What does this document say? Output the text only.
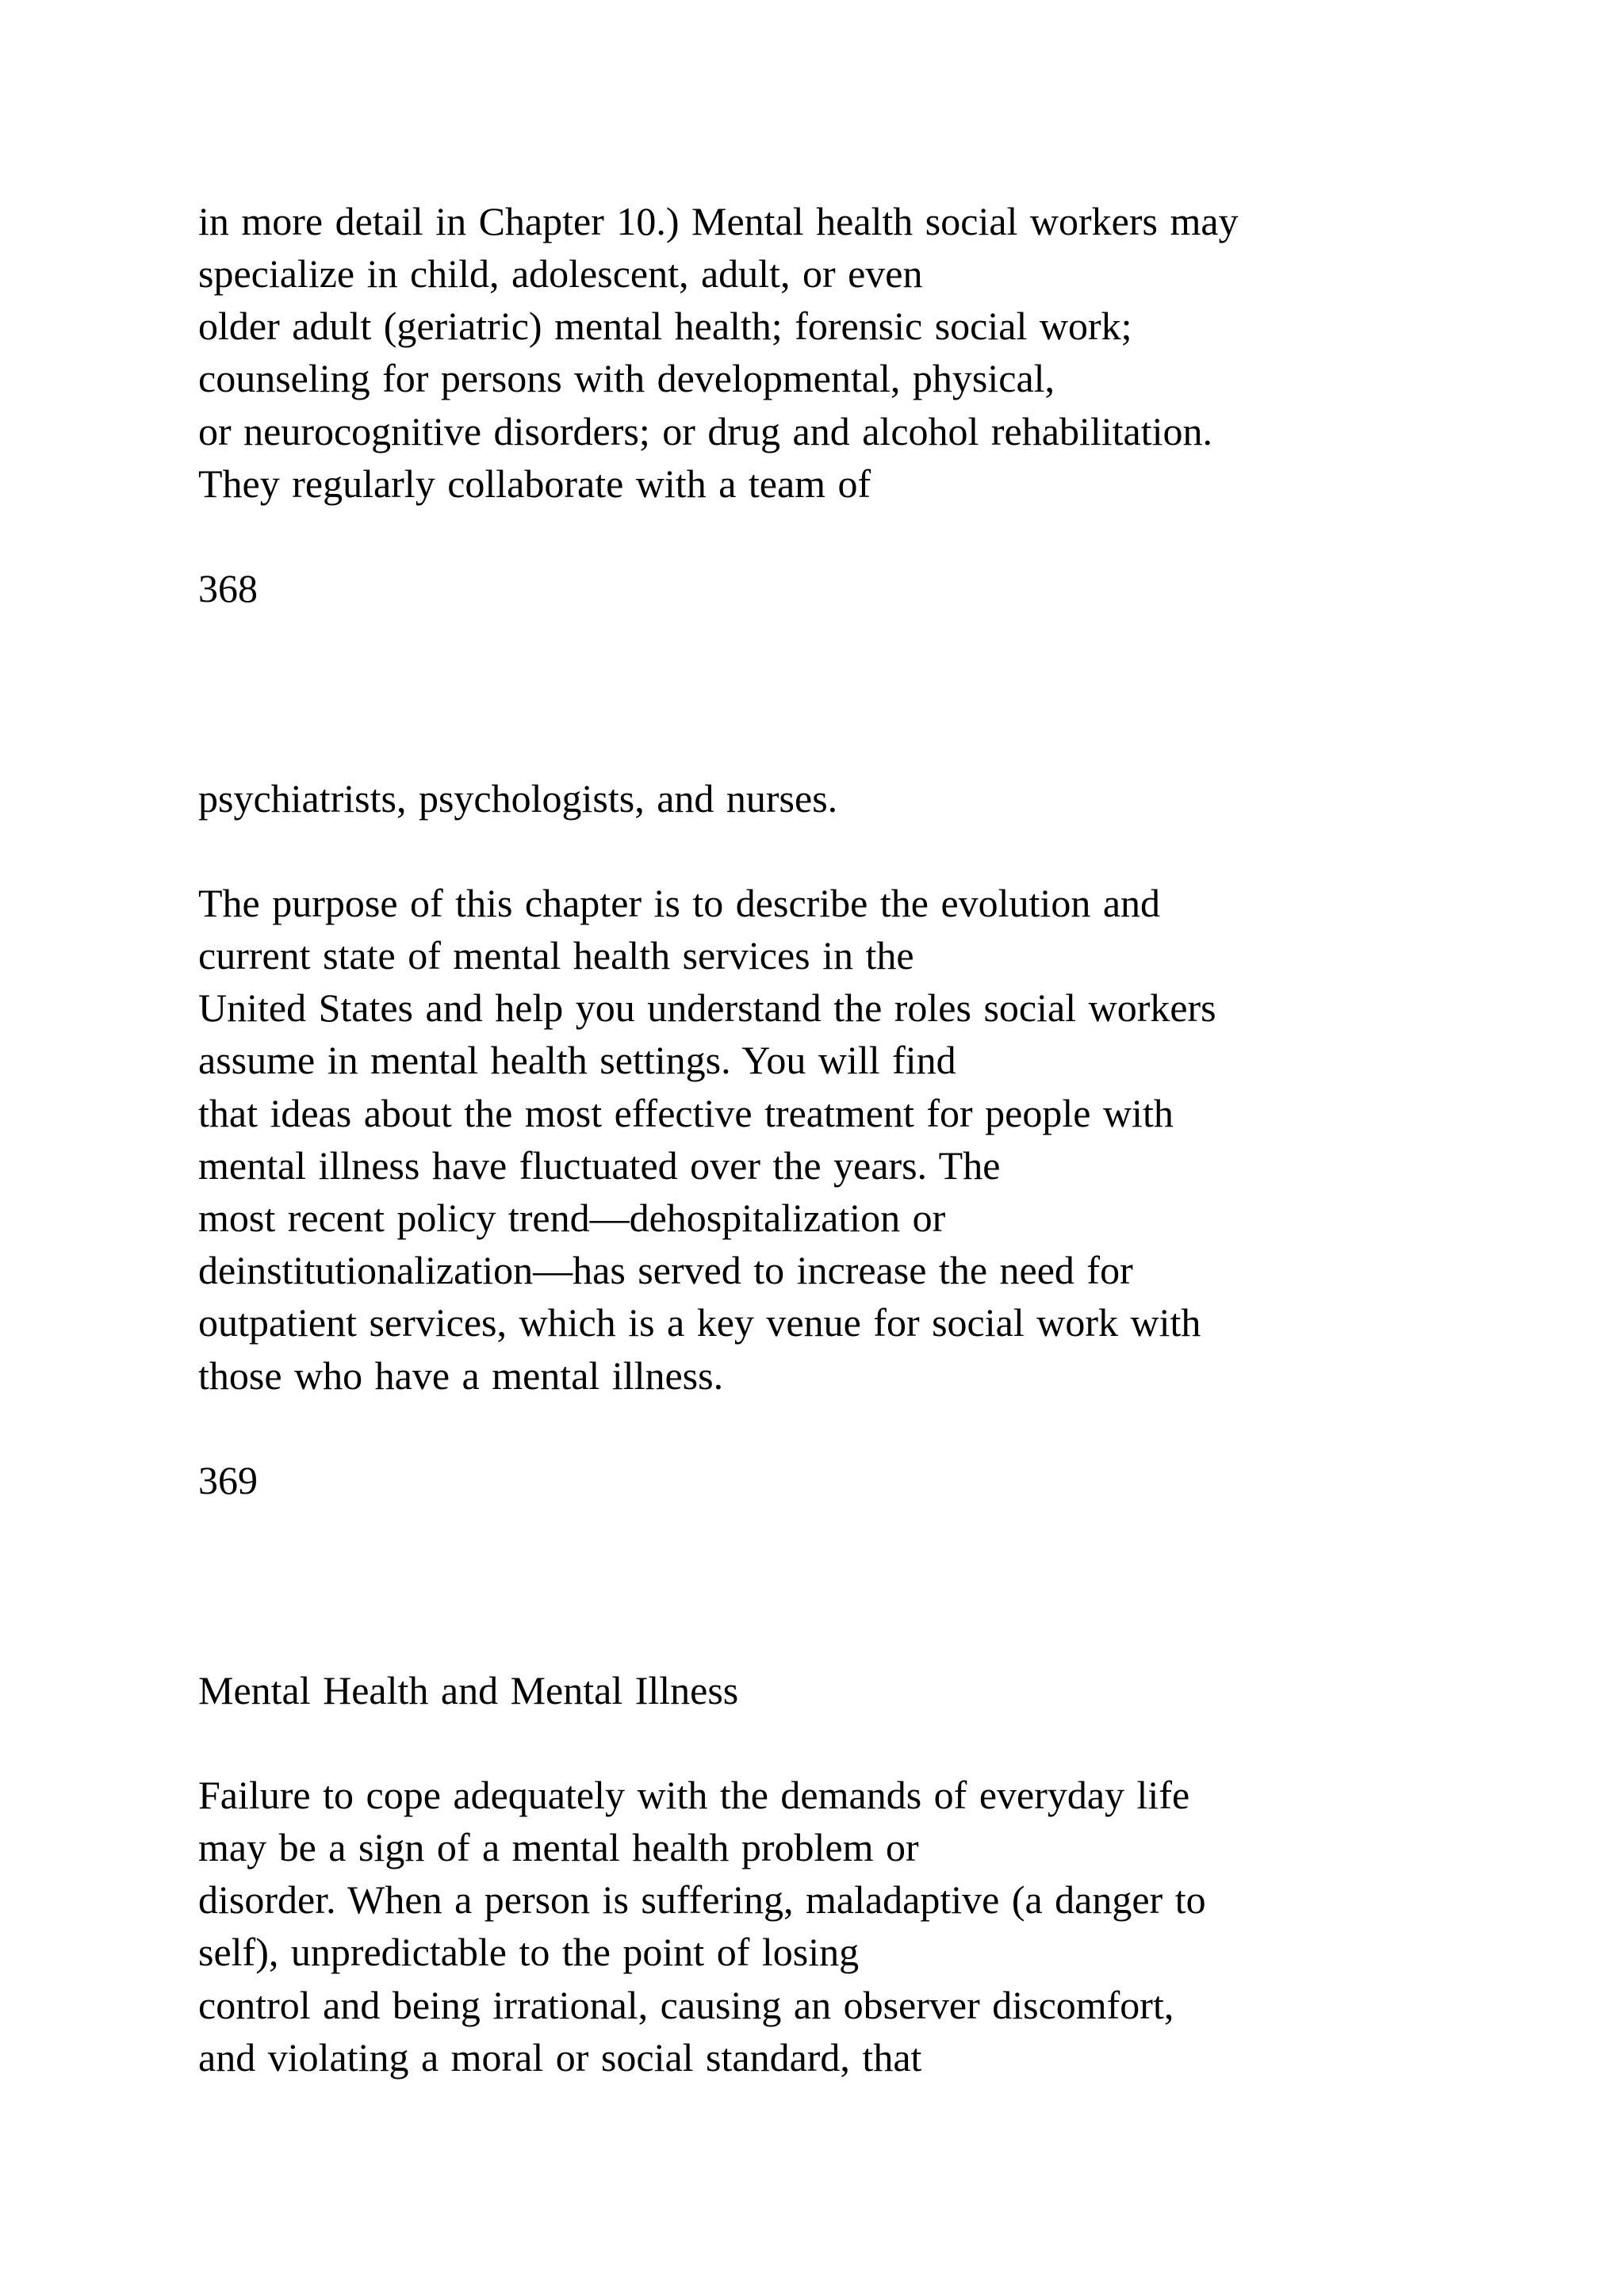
in more detail in Chapter 10.) Mental health social workers may

specialize in child, adolescent, adult, or even

older adult (geriatric) mental health; forensic social work;

counseling for persons with developmental, physical,

or neurocognitive disorders; or drug and alcohol rehabilitation.

They regularly collaborate with a team of

368

psychiatrists, psychologists, and nurses.

The purpose of this chapter is to describe the evolution and

current state of mental health services in the

United States and help you understand the roles social workers

assume in mental health settings. You will find

that ideas about the most effective treatment for people with

mental illness have fluctuated over the years. The

most recent policy trend—dehospitalization or

deinstitutionalization—has served to increase the need for

outpatient services, which is a key venue for social work with

those who have a mental illness.

369

Mental Health and Mental Illness

Failure to cope adequately with the demands of everyday life

may be a sign of a mental health problem or

disorder. When a person is suffering, maladaptive (a danger to

self), unpredictable to the point of losing

control and being irrational, causing an observer discomfort,

and violating a moral or social standard, that
